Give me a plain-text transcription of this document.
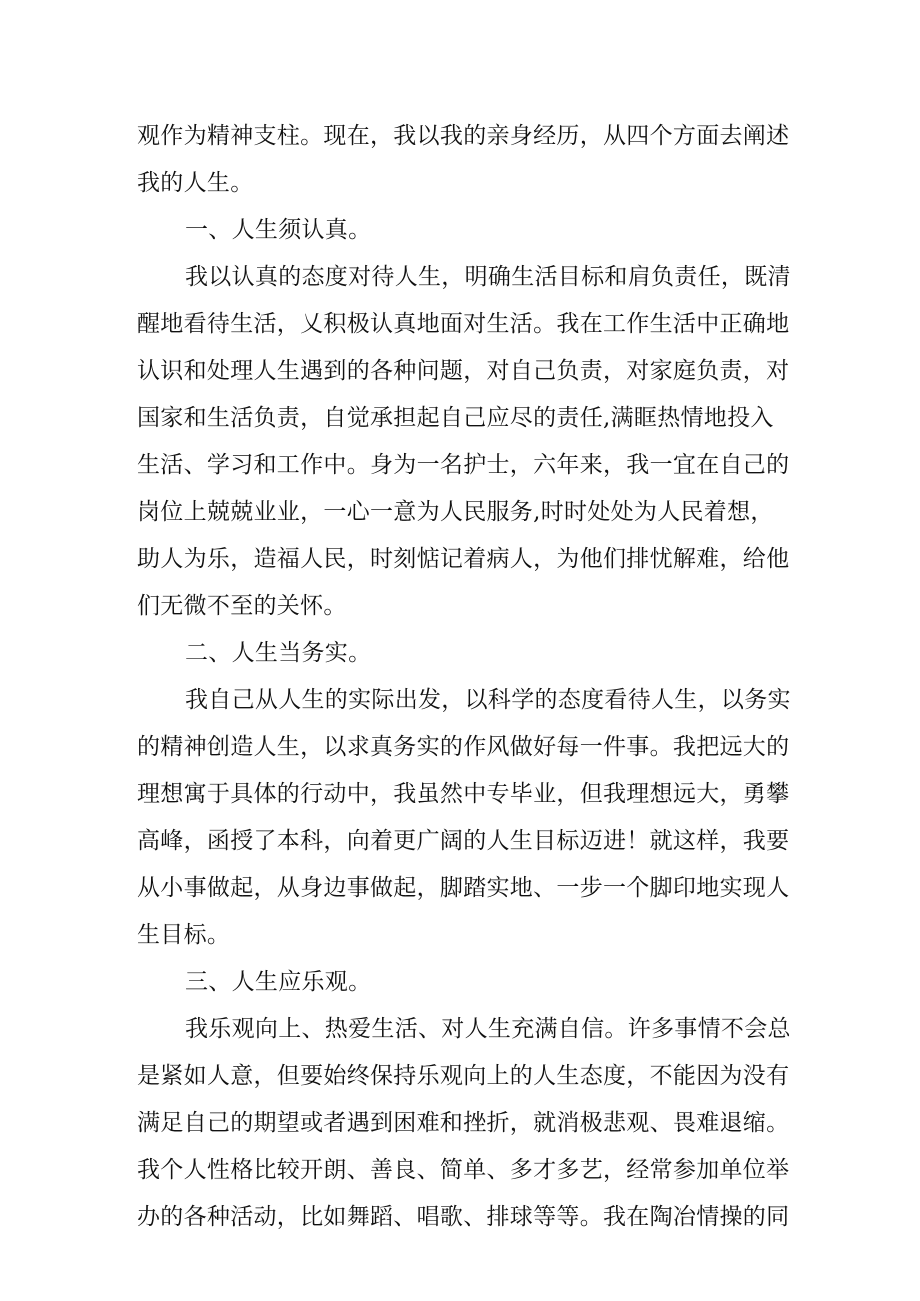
观作为精神支柱。现在，我以我的亲身经历，从四个方面去阐述
我的人生。
一、人生须认真。
我以认真的态度对待人生，明确生活目标和肩负责任，既清
醒地看待生活，乂积极认真地面对生活。我在工作生活中正确地
认识和处理人生遇到的各种问题，对自己负责，对家庭负责，对
国家和生活负责，自觉承担起自己应尽的责任,满眶热情地投入
生活、学习和工作中。身为一名护士，六年来，我一宜在自己的
岗位上兢兢业业，一心一意为人民服务,时时处处为人民着想，
助人为乐，造福人民，时刻惦记着病人，为他们排忧解难，给他
们无微不至的关怀。
二、人生当务实。
我自己从人生的实际出发，以科学的态度看待人生，以务实
的精神创造人生，以求真务实的作风做好每一件事。我把远大的
理想寓于具体的行动中，我虽然中专毕业，但我理想远大，勇攀
高峰，函授了本科，向着更广阔的人生目标迈进！就这样，我要
从小事做起，从身边事做起，脚踏实地、一步一个脚印地实现人
生目标。
三、人生应乐观。
我乐观向上、热爱生活、对人生充满自信。许多事情不会总
是紧如人意，但要始终保持乐观向上的人生态度，不能因为没有
满足自己的期望或者遇到困难和挫折，就消极悲观、畏难退缩。
我个人性格比较开朗、善良、简单、多才多艺，经常参加单位举
办的各种活动，比如舞蹈、唱歌、排球等等。我在陶冶情操的同
